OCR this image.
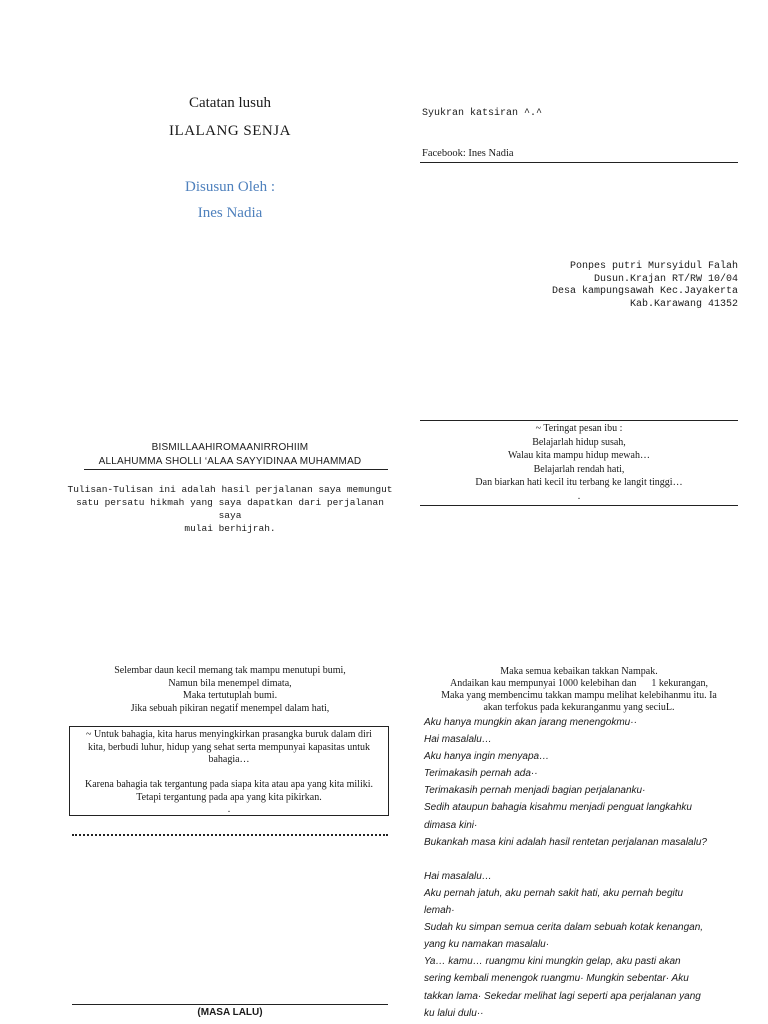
Catatan lusuh
ILALANG SENJA
Disusun Oleh :
Ines Nadia
Syukran katsiran ^.^
Facebook: Ines Nadia
Ponpes putri Mursyidul Falah
Dusun.Krajan RT/RW 10/04
Desa kampungsawah Kec.Jayakerta
Kab.Karawang 41352
BISMILLAAHIROMAANIRROHIIM
ALLAHUMMA SHOLLI ‘ALAA SAYYIDINAA MUHAMMAD
Tulisan-Tulisan ini adalah hasil perjalanan saya memungut
satu persatu hikmah yang saya dapatkan dari perjalanan saya
mulai berhijrah.
~ Teringat pesan ibu :
Belajarlah hidup susah,
Walau kita mampu hidup mewah…
Belajarlah rendah hati,
Dan biarkan hati kecil itu terbang ke langit tinggi…
.
Selembar daun kecil memang tak mampu menutupi bumi,
Namun bila menempel dimata,
Maka tertutuplah bumi.
Jika sebuah pikiran negatif menempel dalam hati,
~ Untuk bahagia, kita harus menyingkirkan prasangka buruk dalam diri
kita, berbudi luhur, hidup yang sehat serta mempunyai kapasitas untuk
bahagia…
Karena bahagia tak tergantung pada siapa kita atau apa yang kita miliki.
Tetapi tergantung pada apa yang kita pikirkan.
.
(MASA LALU)
Maka semua kebaikan takkan Nampak.
Andaikan kau mempunyai 1000 kelebihan dan      1 kekurangan,
Maka yang membencimu takkan mampu melihat kelebihanmu itu. Ia
akan terfokus pada kekuranganmu yang seciuL.
Aku hanya mungkin akan jarang menengokmu··
Hai masalalu…
Aku hanya ingin menyapa…
Terimakasih pernah ada··
Terimakasih pernah menjadi bagian perjalananku·
Sedih ataupun bahagia kisahmu menjadi penguat langkahku
dimasa kini·
Bukankah masa kini adalah hasil rentetan perjalanan masalalu?
Hai masalalu…
Aku pernah jatuh, aku pernah sakit hati, aku pernah begitu
lemah·
Sudah ku simpan semua cerita dalam sebuah kotak kenangan,
yang ku namakan masalalu·
Ya… kamu… ruangmu kini mungkin gelap, aku pasti akan
sering kembali menengok ruangmu· Mungkin sebentar· Aku
takkan lama· Sekedar melihat lagi seperti apa perjalanan yang
ku lalui dulu··
